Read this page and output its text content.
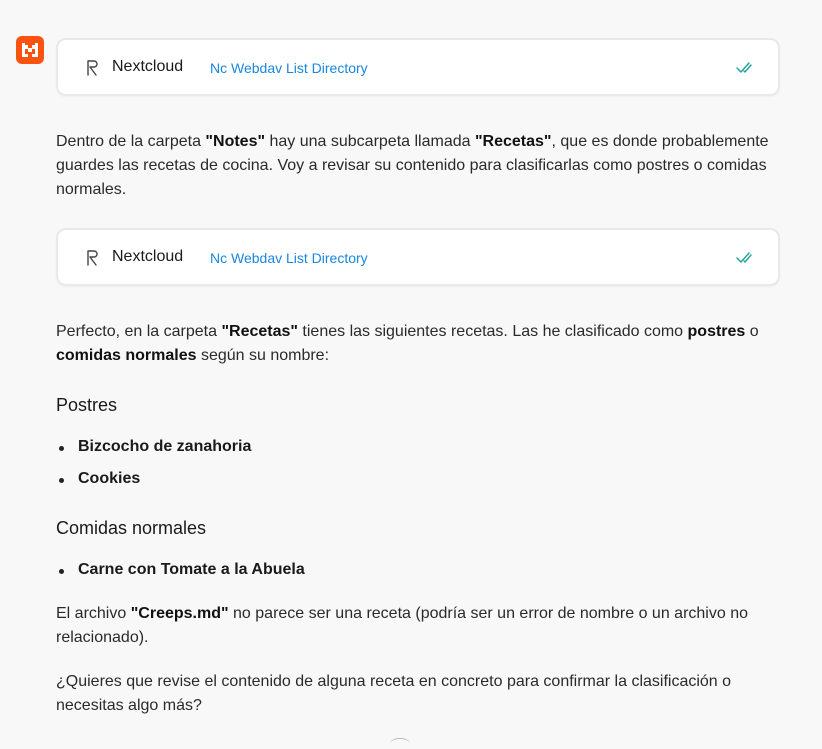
Nextcloud Nc Webdav List Directory

Dentro de la carpeta "Notes" hay una subcarpeta llamada "Recetas", que es donde probablemente guardes las recetas de cocina. Voy a revisar su contenido para clasificarlas como postres o comidas normales.

Nextcloud Nc Webdav List Directory

Perfecto, en la carpeta "Recetas" tienes las siguientes recetas. Las he clasificado como postres o comidas normales según su nombre:

Postres
Bizcocho de zanahoria
Cookies
Comidas normales
Carne con Tomate a la Abuela

El archivo "Creeps.md" no parece ser una receta (podría ser un error de nombre o un archivo no relacionado).

¿Quieres que revise el contenido de alguna receta en concreto para confirmar la clasificación o necesitas algo más?
